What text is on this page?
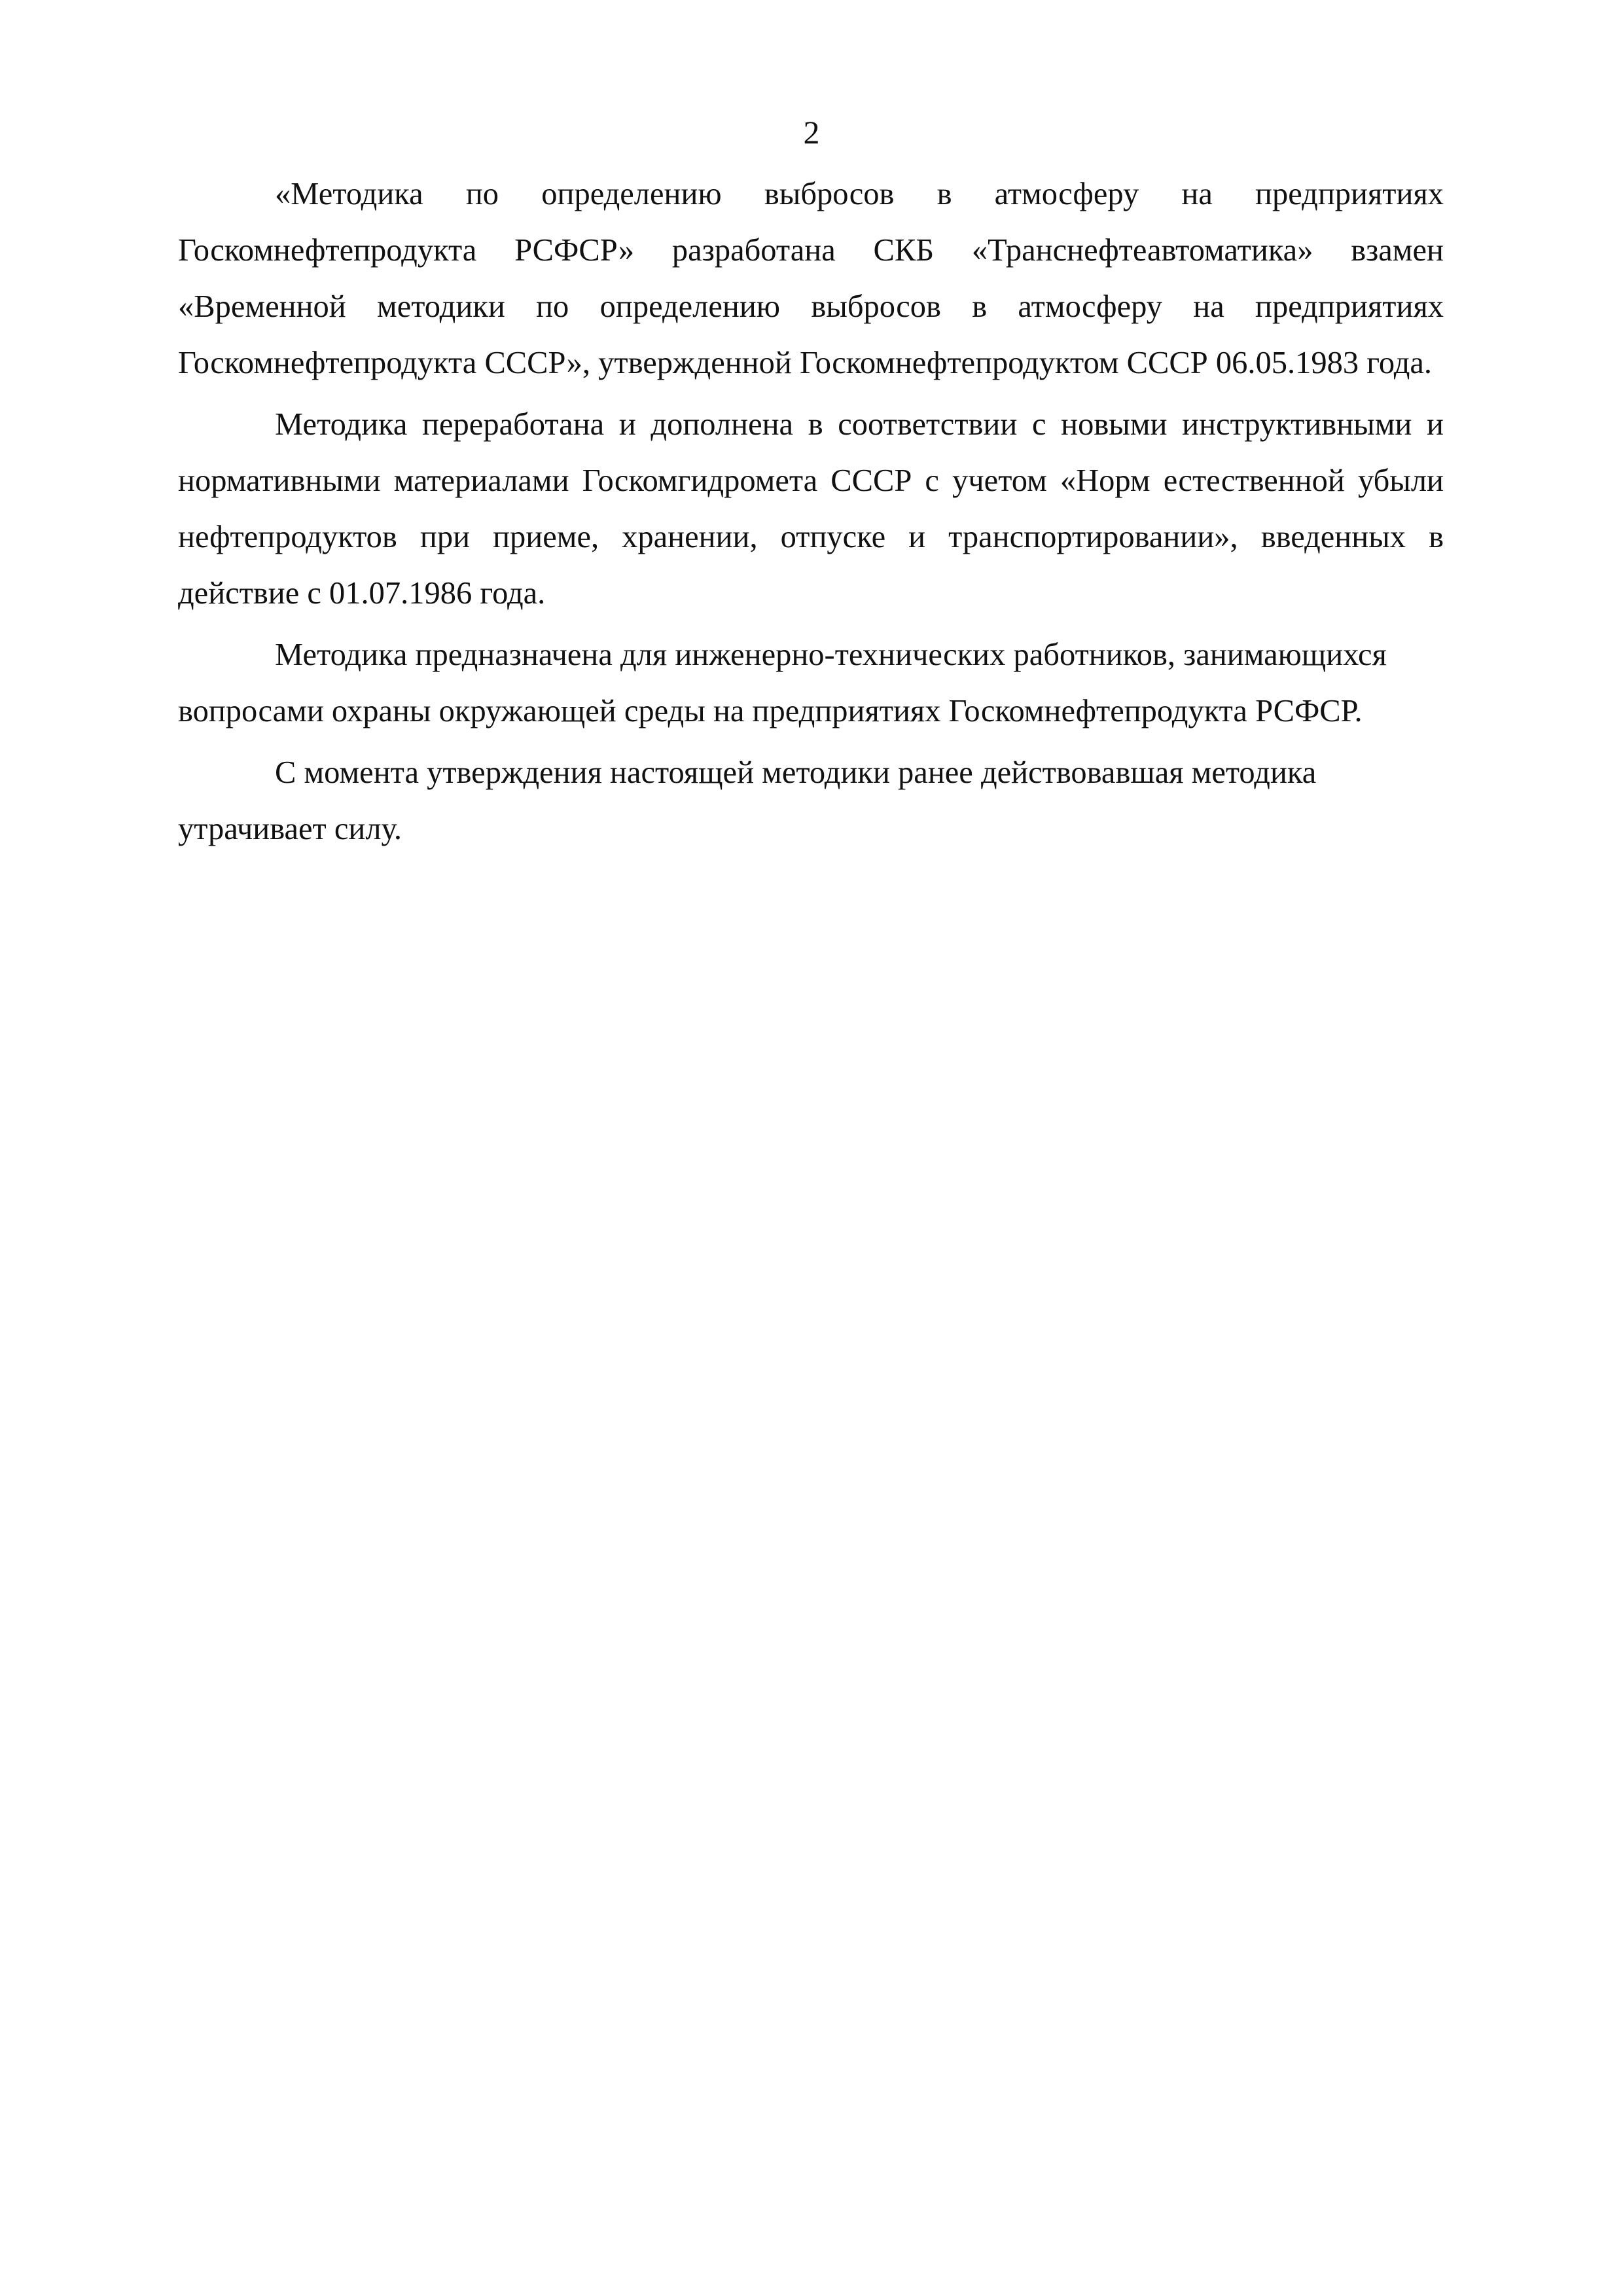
2

«Методика по определению выбросов в атмосферу на предприятиях Госкомнефтепродукта РСФСР» разработана СКБ «Транснефтеавтоматика» взамен «Временной методики по определению выбросов в атмосферу на предприятиях Госкомнефтепродукта СССР», утвержденной Госкомнефтепродуктом СССР 06.05.1983 года.

Методика переработана и дополнена в соответствии с новыми инструктивными и нормативными материалами Госкомгидромета СССР с учетом «Норм естественной убыли нефтепродуктов при приеме, хранении, отпуске и транспортировании», введенных в действие с 01.07.1986 года.

Методика предназначена для инженерно-технических работников, занимающихся вопросами охраны окружающей среды на предприятиях Госкомнефтепродукта РСФСР.

С момента утверждения настоящей методики ранее действовавшая методика утрачивает силу.
